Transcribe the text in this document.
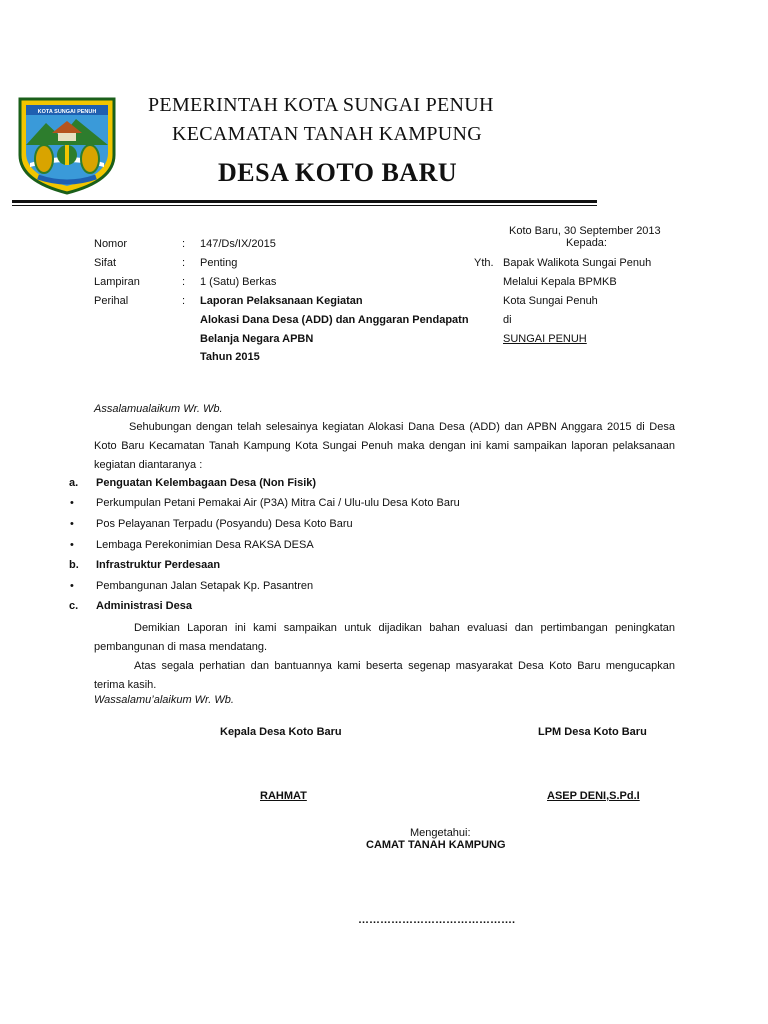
KOTA SUNGAI PENUH	PEMERINTAH KOTA SUNGAI PENUH
KECAMATAN TANAH KAMPUNG
DESA KOTO BARU
Koto Baru, 30 September 2013
Kepada:
Yth. Bapak Walikota Sungai Penuh
Melalui Kepala BPMKB
Kota Sungai Penuh
di
SUNGAI PENUH
Nomor	: 147/Ds/IX/2015
Sifat	: Penting
Lampiran	: 1 (Satu) Berkas
Perihal	: Laporan Pelaksanaan Kegiatan
Alokasi Dana Desa (ADD) dan Anggaran Pendapatn
Belanja Negara APBN
Tahun 2015
Assalamualaikum Wr. Wb.
Sehubungan dengan telah selesainya kegiatan Alokasi Dana Desa (ADD) dan APBN Anggara 2015 di Desa Koto Baru Kecamatan Tanah Kampung Kota Sungai Penuh maka dengan ini kami sampaikan laporan pelaksanaan kegiatan diantaranya :
a. Penguatan Kelembagaan Desa (Non Fisik)
• Perkumpulan Petani Pemakai Air (P3A) Mitra Cai / Ulu-ulu Desa Koto Baru
• Pos Pelayanan Terpadu (Posyandu) Desa Koto Baru
• Lembaga Perekonimian Desa RAKSA DESA
b. Infrastruktur Perdesaan
• Pembangunan Jalan Setapak Kp. Pasantren
c. Administrasi Desa
Demikian Laporan ini kami sampaikan untuk dijadikan bahan evaluasi dan pertimbangan peningkatan pembangunan di masa mendatang.
Atas segala perhatian dan bantuannya kami beserta segenap masyarakat Desa Koto Baru mengucapkan terima kasih.
Wassalamu’alaikum Wr. Wb.
Kepala Desa Koto Baru	LPM Desa Koto Baru
RAHMAT	ASEP DENI,S.Pd.I
Mengetahui:
CAMAT TANAH KAMPUNG
…………………………………….
